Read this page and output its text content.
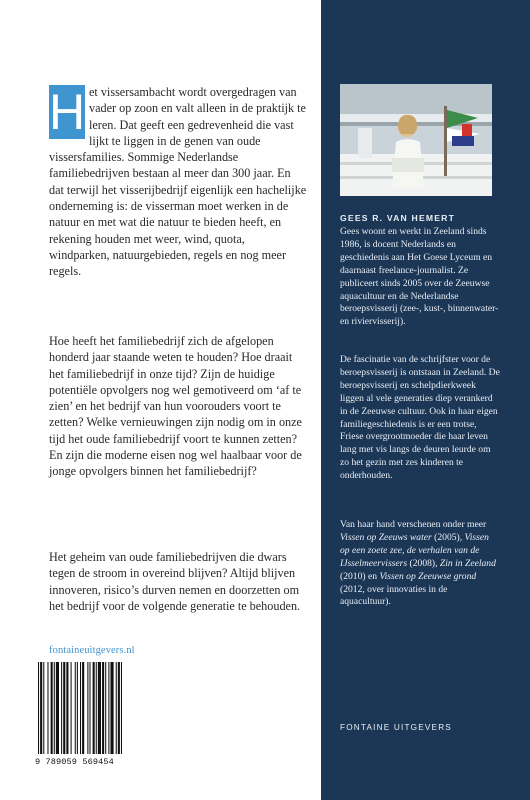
H et vissersambacht wordt overgedragen van vader op zoon en valt alleen in de praktijk te leren. Dat geeft een gedrevenheid die vast lijkt te liggen in de genen van oude vissersfamilies. Sommige Nederlandse familiebedrijven bestaan al meer dan 300 jaar. En dat terwijl het visserijbedrijf eigenlijk een hachelijke onderneming is: de visserman moet werken in de natuur en met wat die natuur te bieden heeft, en rekening houden met weer, wind, quota, windparken, natuurgebieden, regels en nog meer regels.

Hoe heeft het familiebedrijf zich de afgelopen honderd jaar staande weten te houden? Hoe draait het familiebedrijf in onze tijd? Zijn de huidige potentiële opvolgers nog wel gemotiveerd om ‘af te zien’ en het bedrijf van hun voorouders voort te zetten? Welke vernieuwingen zijn nodig om in onze tijd het oude familiebedrijf voort te kunnen zetten? En zijn die moderne eisen nog wel haalbaar voor de jonge opvolgers binnen het familiebedrijf?

Het geheim van oude familiebedrijven die dwars tegen de stroom in overeind blijven? Altijd blijven innoveren, risico’s durven nemen en doorzetten om het bedrijf voor de volgende generatie te behouden.

fontaineuitgevers.nl
9 789059 569454
GEES R. VAN HEMERT

Gees woont en werkt in Zeeland sinds 1986, is docent Nederlands en geschiedenis aan Het Goese Lyceum en daarnaast freelance-journalist. Ze publiceert sinds 2005 over de Zeeuwse aquacultuur en de Nederlandse beroepsvisserij (zee-, kust-, binnenwater- en riviervisserij).

De fascinatie van de schrijfster voor de beroepsvisserij is ontstaan in Zeeland. De beroepsvisserij en schelpdierkweek liggen al vele generaties diep verankerd in de Zeeuwse cultuur. Ook in haar eigen familiegeschiedenis is er een trotse, Friese overgrootmoeder die haar leven lang met vis langs de deuren leurde om zo het gezin met zes kinderen te onderhouden.

Van haar hand verschenen onder meer Vissen op Zeeuws water (2005), Vissen op een zoete zee, de verhalen van de IJsselmeervissers (2008), Zin in Zeeland (2010) en Vissen op Zeeuwse grond (2012, over innovaties in de aquacultuur).

FONTAINE UITGEVERS
